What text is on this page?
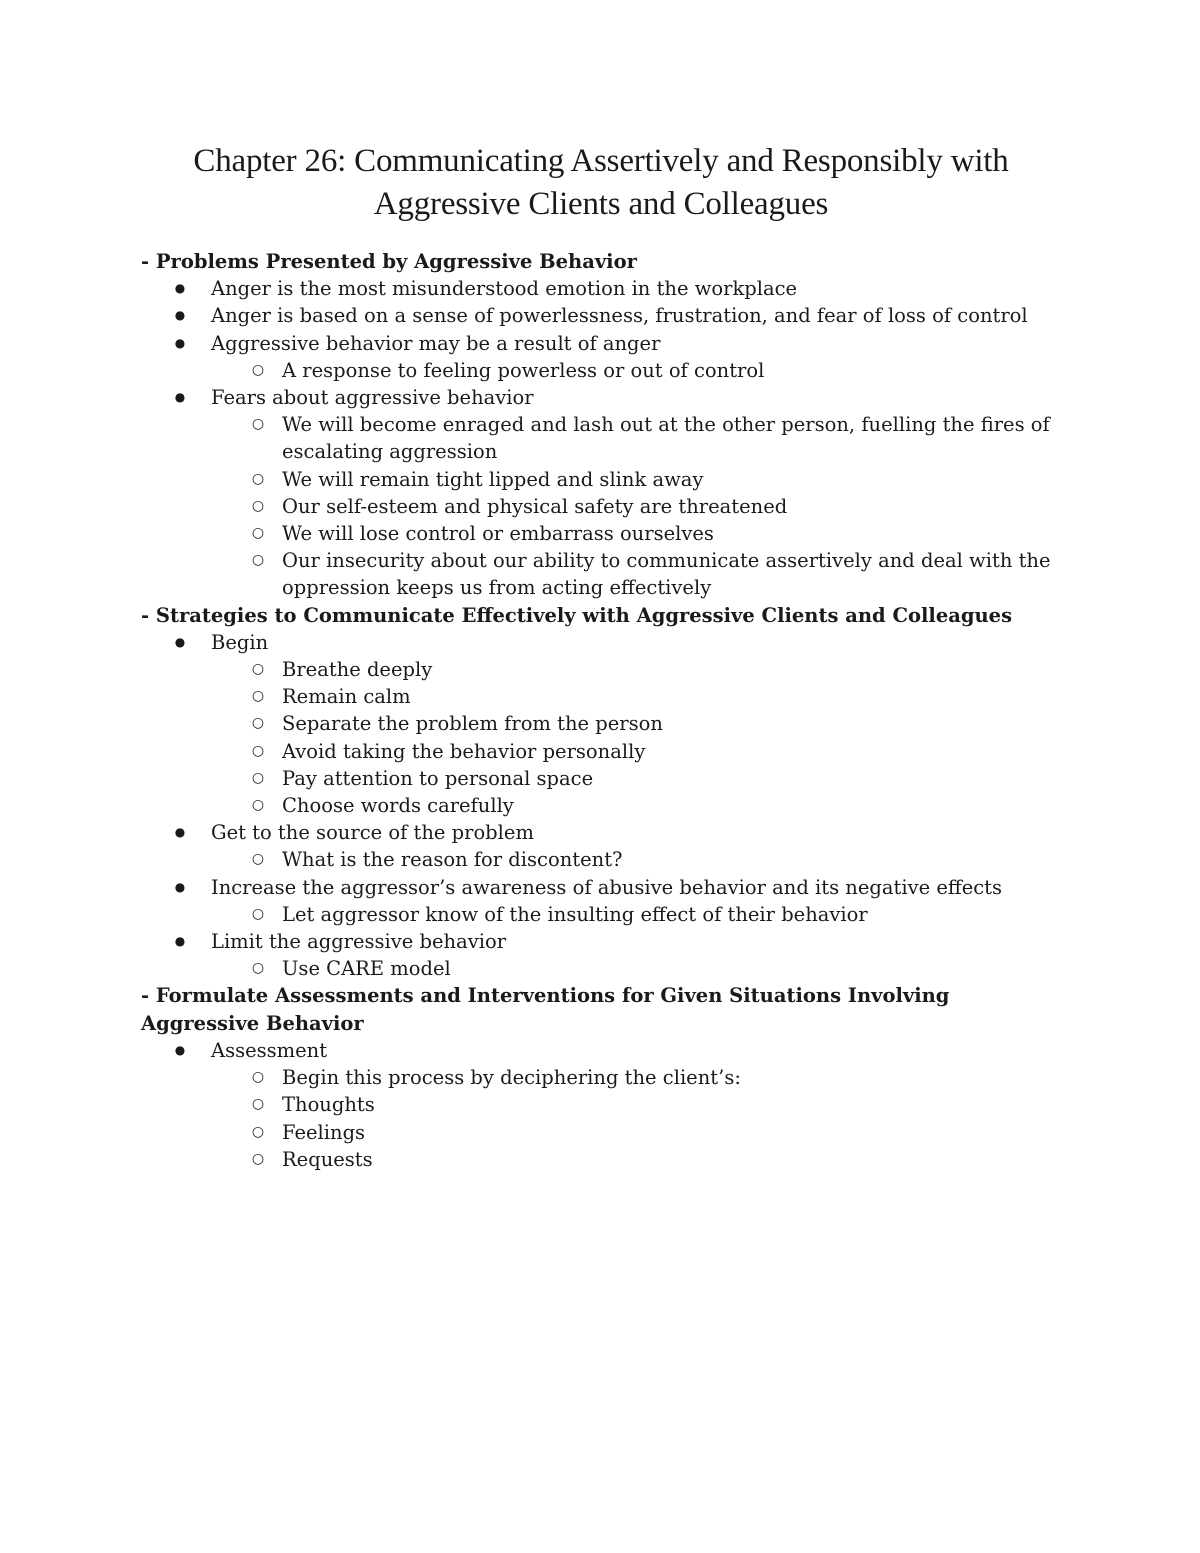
Chapter 26: Communicating Assertively and Responsibly with Aggressive Clients and Colleagues

- Problems Presented by Aggressive Behavior

● Anger is the most misunderstood emotion in the workplace
● Anger is based on a sense of powerlessness, frustration, and fear of loss of control
● Aggressive behavior may be a result of anger
○ A response to feeling powerless or out of control
● Fears about aggressive behavior
○ We will become enraged and lash out at the other person, fuelling the fires of escalating aggression
○ We will remain tight lipped and slink away
○ Our self-esteem and physical safety are threatened
○ We will lose control or embarrass ourselves
○ Our insecurity about our ability to communicate assertively and deal with the oppression keeps us from acting effectively

- Strategies to Communicate Effectively with Aggressive Clients and Colleagues

● Begin
○ Breathe deeply
○ Remain calm
○ Separate the problem from the person
○ Avoid taking the behavior personally
○ Pay attention to personal space
○ Choose words carefully
● Get to the source of the problem
○ What is the reason for discontent?
● Increase the aggressor’s awareness of abusive behavior and its negative effects
○ Let aggressor know of the insulting effect of their behavior
● Limit the aggressive behavior
○ Use CARE model

- Formulate Assessments and Interventions for Given Situations Involving Aggressive Behavior

● Assessment
○ Begin this process by deciphering the client’s:
○ Thoughts
○ Feelings
○ Requests
